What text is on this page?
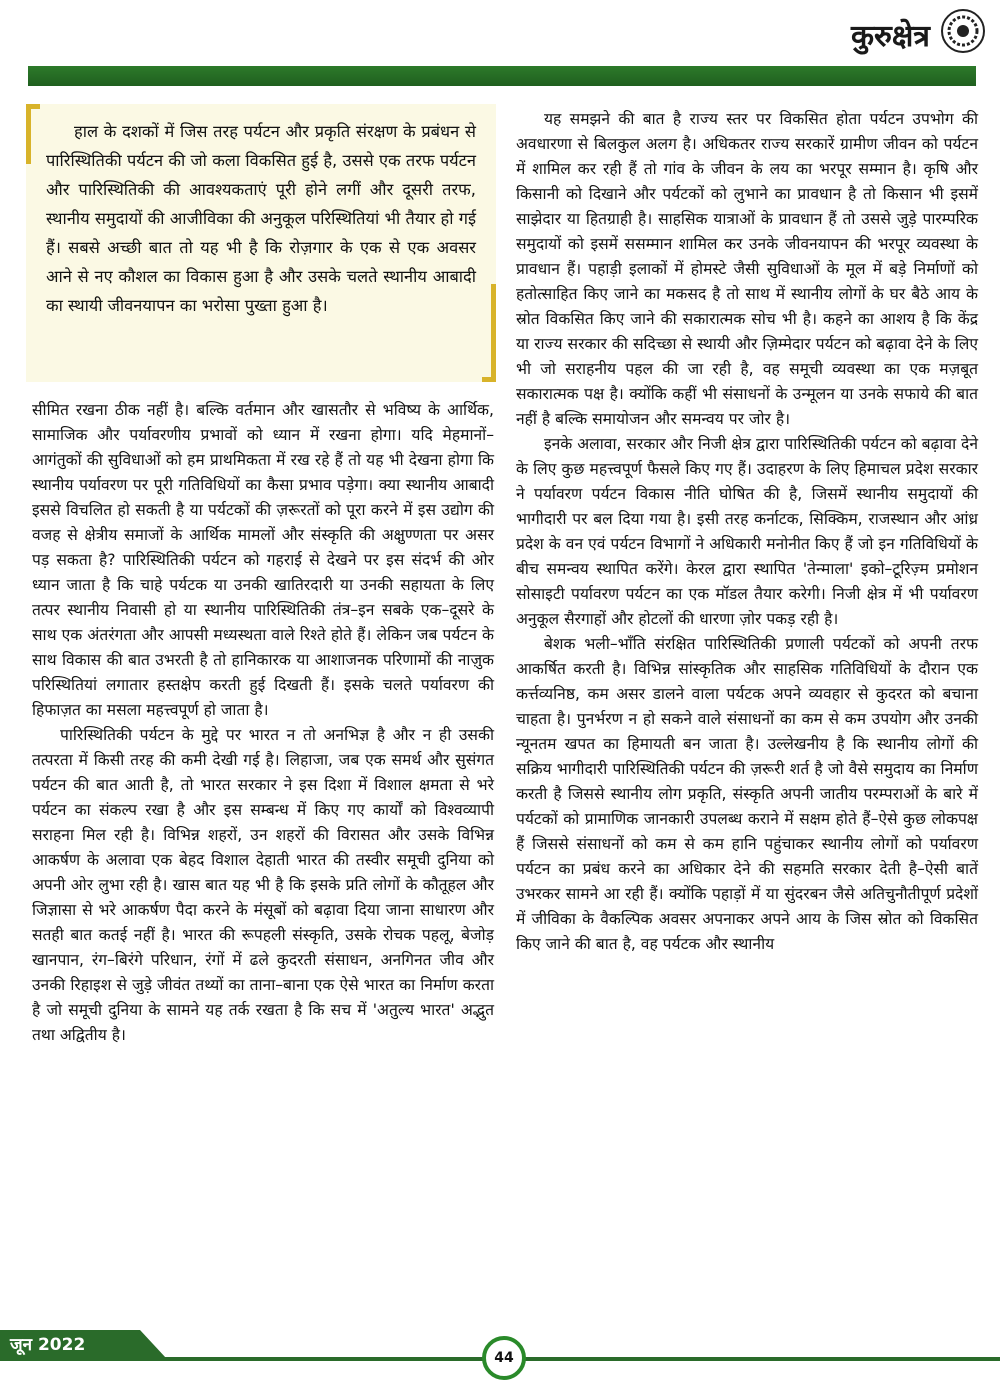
कुरुक्षेत्र

हाल के दशकों में जिस तरह पर्यटन और प्रकृति संरक्षण के प्रबंधन से पारिस्थितिकी पर्यटन की जो कला विकसित हुई है, उससे एक तरफ पर्यटन और पारिस्थितिकी की आवश्यकताएं पूरी होने लगीं और दूसरी तरफ, स्थानीय समुदायों की आजीविका की अनुकूल परिस्थितियां भी तैयार हो गई हैं। सबसे अच्छी बात तो यह भी है कि रोज़गार के एक से एक अवसर आने से नए कौशल का विकास हुआ है और उसके चलते स्थानीय आबादी का स्थायी जीवनयापन का भरोसा पुख्ता हुआ है।

सीमित रखना ठीक नहीं है। बल्कि वर्तमान और खासतौर से भविष्य के आर्थिक, सामाजिक और पर्यावरणीय प्रभावों को ध्यान में रखना होगा। यदि मेहमानों–आगंतुकों की सुविधाओं को हम प्राथमिकता में रख रहे हैं तो यह भी देखना होगा कि स्थानीय पर्यावरण पर पूरी गतिविधियों का कैसा प्रभाव पड़ेगा। क्या स्थानीय आबादी इससे विचलित हो सकती है या पर्यटकों की ज़रूरतों को पूरा करने में इस उद्योग की वजह से क्षेत्रीय समाजों के आर्थिक मामलों और संस्कृति की अक्षुण्णता पर असर पड़ सकता है? पारिस्थितिकी पर्यटन को गहराई से देखने पर इस संदर्भ की ओर ध्यान जाता है कि चाहे पर्यटक या उनकी खातिरदारी या उनकी सहायता के लिए तत्पर स्थानीय निवासी हो या स्थानीय पारिस्थितिकी तंत्र–इन सबके एक–दूसरे के साथ एक अंतरंगता और आपसी मध्यस्थता वाले रिश्ते होते हैं। लेकिन जब पर्यटन के साथ विकास की बात उभरती है तो हानिकारक या आशाजनक परिणामों की नाज़ुक परिस्थितियां लगातार हस्तक्षेप करती हुई दिखती हैं। इसके चलते पर्यावरण की हिफाज़त का मसला महत्त्वपूर्ण हो जाता है।

पारिस्थितिकी पर्यटन के मुद्दे पर भारत न तो अनभिज्ञ है और न ही उसकी तत्परता में किसी तरह की कमी देखी गई है। लिहाजा, जब एक समर्थ और सुसंगत पर्यटन की बात आती है, तो भारत सरकार ने इस दिशा में विशाल क्षमता से भरे पर्यटन का संकल्प रखा है और इस सम्बन्ध में किए गए कार्यों को विश्वव्यापी सराहना मिल रही है। विभिन्न शहरों, उन शहरों की विरासत और उसके विभिन्न आकर्षण के अलावा एक बेहद विशाल देहाती भारत की तस्वीर समूची दुनिया को अपनी ओर लुभा रही है। खास बात यह भी है कि इसके प्रति लोगों के कौतूहल और जिज्ञासा से भरे आकर्षण पैदा करने के मंसूबों को बढ़ावा दिया जाना साधारण और सतही बात कतई नहीं है। भारत की रूपहली संस्कृति, उसके रोचक पहलू, बेजोड़ खानपान, रंग–बिरंगे परिधान, रंगों में ढले कुदरती संसाधन, अनगिनत जीव और उनकी रिहाइश से जुड़े जीवंत तथ्यों का ताना–बाना एक ऐसे भारत का निर्माण करता है जो समूची दुनिया के सामने यह तर्क रखता है कि सच में 'अतुल्य भारत' अद्भुत तथा अद्वितीय है।

यह समझने की बात है राज्य स्तर पर विकसित होता पर्यटन उपभोग की अवधारणा से बिलकुल अलग है। अधिकतर राज्य सरकारें ग्रामीण जीवन को पर्यटन में शामिल कर रही हैं तो गांव के जीवन के लय का भरपूर सम्मान है। कृषि और किसानी को दिखाने और पर्यटकों को लुभाने का प्रावधान है तो किसान भी इसमें साझेदार या हितग्राही है। साहसिक यात्राओं के प्रावधान हैं तो उससे जुड़े पारम्परिक समुदायों को इसमें ससम्मान शामिल कर उनके जीवनयापन की भरपूर व्यवस्था के प्रावधान हैं। पहाड़ी इलाकों में होमस्टे जैसी सुविधाओं के मूल में बड़े निर्माणों को हतोत्साहित किए जाने का मकसद है तो साथ में स्थानीय लोगों के घर बैठे आय के स्रोत विकसित किए जाने की सकारात्मक सोच भी है। कहने का आशय है कि केंद्र या राज्य सरकार की सदिच्छा से स्थायी और ज़िम्मेदार पर्यटन को बढ़ावा देने के लिए भी जो सराहनीय पहल की जा रही है, वह समूची व्यवस्था का एक मज़बूत सकारात्मक पक्ष है। क्योंकि कहीं भी संसाधनों के उन्मूलन या उनके सफाये की बात नहीं है बल्कि समायोजन और समन्वय पर जोर है।

इनके अलावा, सरकार और निजी क्षेत्र द्वारा पारिस्थितिकी पर्यटन को बढ़ावा देने के लिए कुछ महत्त्वपूर्ण फैसले किए गए हैं। उदाहरण के लिए हिमाचल प्रदेश सरकार ने पर्यावरण पर्यटन विकास नीति घोषित की है, जिसमें स्थानीय समुदायों की भागीदारी पर बल दिया गया है। इसी तरह कर्नाटक, सिक्किम, राजस्थान और आंध्र प्रदेश के वन एवं पर्यटन विभागों ने अधिकारी मनोनीत किए हैं जो इन गतिविधियों के बीच समन्वय स्थापित करेंगे। केरल द्वारा स्थापित 'तेन्माला' इको–टूरिज़्म प्रमोशन सोसाइटी पर्यावरण पर्यटन का एक मॉडल तैयार करेगी। निजी क्षेत्र में भी पर्यावरण अनुकूल सैरगाहों और होटलों की धारणा ज़ोर पकड़ रही है।

बेशक भली–भाँति संरक्षित पारिस्थितिकी प्रणाली पर्यटकों को अपनी तरफ आकर्षित करती है। विभिन्न सांस्कृतिक और साहसिक गतिविधियों के दौरान एक कर्त्तव्यनिष्ठ, कम असर डालने वाला पर्यटक अपने व्यवहार से कुदरत को बचाना चाहता है। पुनर्भरण न हो सकने वाले संसाधनों का कम से कम उपयोग और उनकी न्यूनतम खपत का हिमायती बन जाता है। उल्लेखनीय है कि स्थानीय लोगों की सक्रिय भागीदारी पारिस्थितिकी पर्यटन की ज़रूरी शर्त है जो वैसे समुदाय का निर्माण करती है जिससे स्थानीय लोग प्रकृति, संस्कृति अपनी जातीय परम्पराओं के बारे में पर्यटकों को प्रामाणिक जानकारी उपलब्ध कराने में सक्षम होते हैं–ऐसे कुछ लोकपक्ष हैं जिससे संसाधनों को कम से कम हानि पहुंचाकर स्थानीय लोगों को पर्यावरण पर्यटन का प्रबंध करने का अधिकार देने की सहमति सरकार देती है–ऐसी बातें उभरकर सामने आ रही हैं। क्योंकि पहाड़ों में या सुंदरबन जैसे अतिचुनौतीपूर्ण प्रदेशों में जीविका के वैकल्पिक अवसर अपनाकर अपने आय के जिस स्रोत को विकसित किए जाने की बात है, वह पर्यटक और स्थानीय

जून 2022
44
